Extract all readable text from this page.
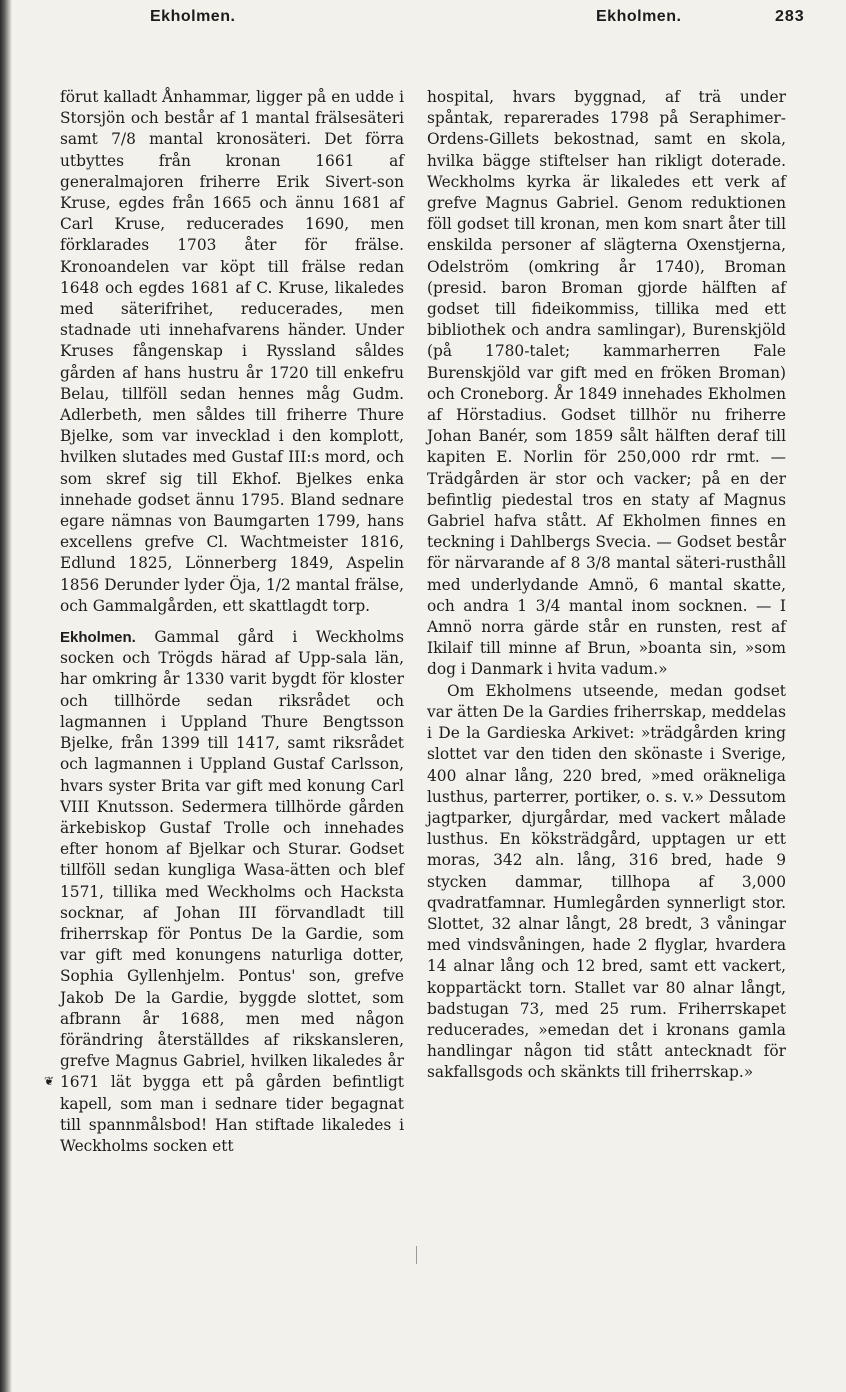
Ekholmen.	Ekholmen.	283

förut kalladt Ånhammar, ligger på en udde i Storsjön och består af 1 mantal frälsesäteri samt 7/8 mantal kronosäteri. Det förra utbyttes från kronan 1661 af generalmajoren friherre Erik Sivert-son Kruse, egdes från 1665 och ännu 1681 af Carl Kruse, reducerades 1690, men förklarades 1703 åter för frälse. Kronoandelen var köpt till frälse redan 1648 och egdes 1681 af C. Kruse, likaledes med säterifrihet, reducerades, men stadnade uti innehafvarens händer. Under Kruses fångenskap i Ryssland såldes gården af hans hustru år 1720 till enkefru Belau, tillföll sedan hennes måg Gudm. Adlerbeth, men såldes till friherre Thure Bjelke, som var invecklad i den komplott, hvilken slutades med Gustaf III:s mord, och som skref sig till Ekhof. Bjelkes enka innehade godset ännu 1795. Bland sednare egare nämnas von Baumgarten 1799, hans excellens grefve Cl. Wachtmeister 1816, Edlund 1825, Lönnerberg 1849, Aspelin 1856 Derunder lyder Öja, 1/2 mantal frälse, och Gammalgården, ett skattlagdt torp.

Ekholmen. Gammal gård i Weckholms socken och Trögds härad af Upp-sala län, har omkring år 1330 varit bygdt för kloster och tillhörde sedan riksrådet och lagmannen i Uppland Thure Bengtsson Bjelke, från 1399 till 1417, samt riksrådet och lagmannen i Uppland Gustaf Carlsson, hvars syster Brita var gift med konung Carl VIII Knutsson. Sedermera tillhörde gården ärkebiskop Gustaf Trolle och innehades efter honom af Bjelkar och Sturar. Godset tillföll sedan kungliga Wasa-ätten och blef 1571, tillika med Weckholms och Hacksta socknar, af Johan III förvandladt till friherrskap för Pontus De la Gardie, som var gift med konungens naturliga dotter, Sophia Gyllenhjelm. Pontus' son, grefve Jakob De la Gardie, byggde slottet, som afbrann år 1688, men med någon förändring återställdes af rikskansleren, grefve Magnus Gabriel, hvilken likaledes år 1671 lät bygga ett på gården befintligt kapell, som man i sednare tider begagnat till spannmålsbod! Han stiftade likaledes i Weckholms socken ett

hospital, hvars byggnad, af trä under spåntak, reparerades 1798 på Seraphimer-Ordens-Gillets bekostnad, samt en skola, hvilka bägge stiftelser han rikligt doterade. Weckholms kyrka är likaledes ett verk af grefve Magnus Gabriel. Genom reduktionen föll godset till kronan, men kom snart åter till enskilda personer af slägterna Oxenstjerna, Odelström (omkring år 1740), Broman (presid. baron Broman gjorde hälften af godset till fideikommiss, tillika med ett bibliothek och andra samlingar), Burenskjöld (på 1780-talet; kammarherren Fale Burenskjöld var gift med en fröken Broman) och Croneborg. År 1849 innehades Ekholmen af Hörstadius. Godset tillhör nu friherre Johan Banér, som 1859 sålt hälften deraf till kapiten E. Norlin för 250,000 rdr rmt. — Trädgården är stor och vacker; på en der befintlig piedestal tros en staty af Magnus Gabriel hafva stått. Af Ekholmen finnes en teckning i Dahlbergs Svecia. — Godset består för närvarande af 8 3/8 mantal säteri-rusthåll med underlydande Amnö, 6 mantal skatte, och andra 1 3/4 mantal inom socknen. — I Amnö norra gärde står en runsten, rest af Ikilaif till minne af Brun, »boanta sin, »som dog i Danmark i hvita vadum.»

Om Ekholmens utseende, medan godset var ätten De la Gardies friherrskap, meddelas i De la Gardieska Arkivet: »trädgården kring slottet var den tiden den skönaste i Sverige, 400 alnar lång, 220 bred, »med oräkneliga lusthus, parterrer, portiker, o. s. v.» Dessutom jagtparker, djurgårdar, med vackert målade lusthus. En köksträdgård, upptagen ur ett moras, 342 aln. lång, 316 bred, hade 9 stycken dammar, tillhopa af 3,000 qvadratfamnar. Humlegården synnerligt stor. Slottet, 32 alnar långt, 28 bredt, 3 våningar med vindsvåningen, hade 2 flyglar, hvardera 14 alnar lång och 12 bred, samt ett vackert, koppartäckt torn. Stallet var 80 alnar långt, badstugan 73, med 25 rum. Friherrskapet reducerades, »emedan det i kronans gamla handlingar någon tid stått antecknadt för sakfallsgods och skänkts till friherrskap.»

❦
